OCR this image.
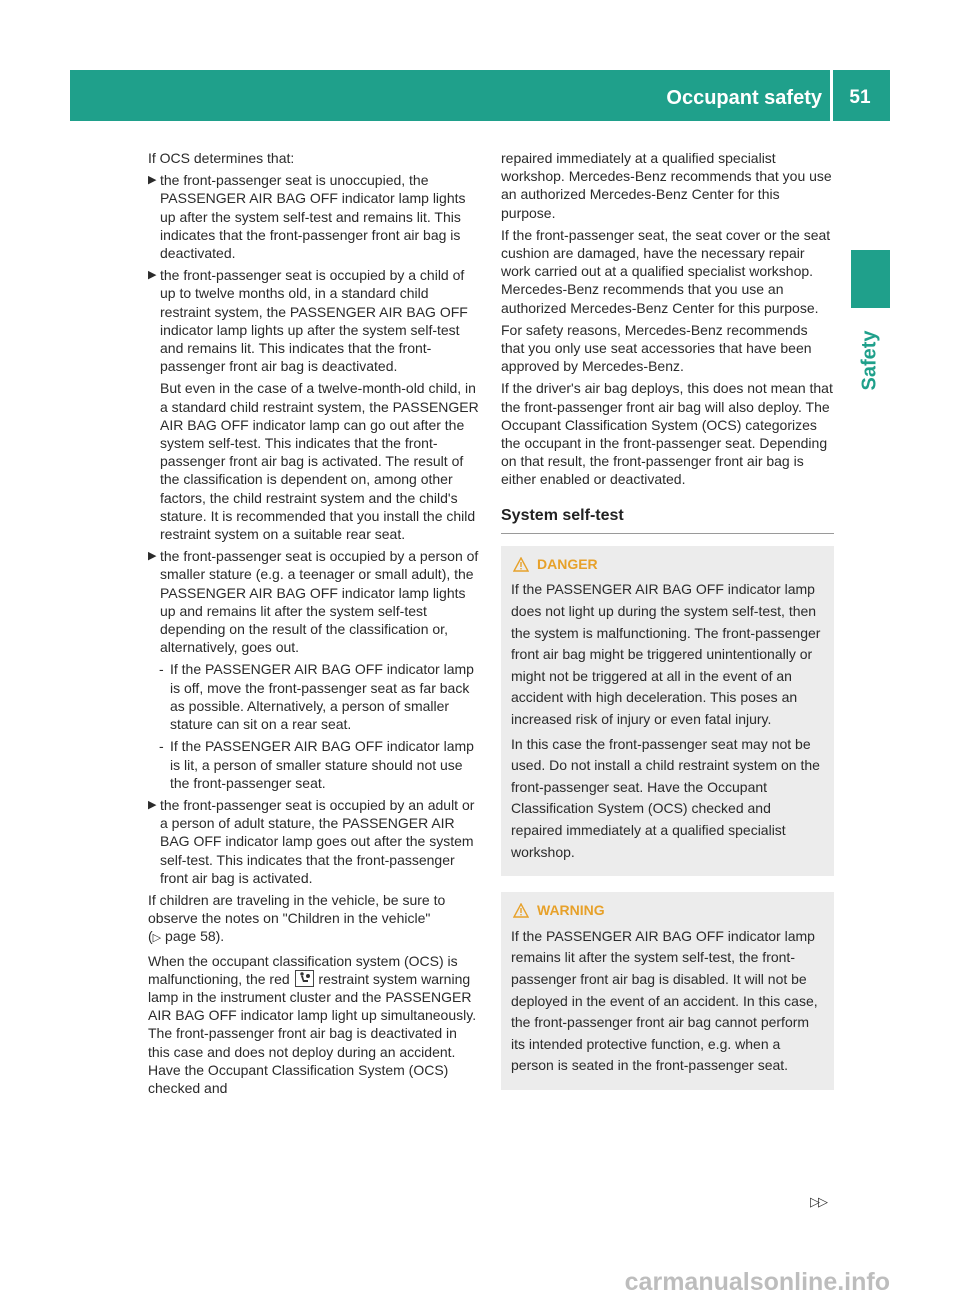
Occupant safety	51
Safety

If OCS determines that:

▶ the front-passenger seat is unoccupied, the PASSENGER AIR BAG OFF indicator lamp lights up after the system self-test and remains lit. This indicates that the front-passenger front air bag is deactivated.
▶ the front-passenger seat is occupied by a child of up to twelve months old, in a standard child restraint system, the PASSENGER AIR BAG OFF indicator lamp lights up after the system self-test and remains lit. This indicates that the front-passenger front air bag is deactivated.
But even in the case of a twelve-month-old child, in a standard child restraint system, the PASSENGER AIR BAG OFF indicator lamp can go out after the system self-test. This indicates that the front-passenger front air bag is activated. The result of the classification is dependent on, among other factors, the child restraint system and the child's stature. It is recommended that you install the child restraint system on a suitable rear seat.
▶ the front-passenger seat is occupied by a person of smaller stature (e.g. a teenager or small adult), the PASSENGER AIR BAG OFF indicator lamp lights up and remains lit after the system self-test depending on the result of the classification or, alternatively, goes out.
- If the PASSENGER AIR BAG OFF indicator lamp is off, move the front-passenger seat as far back as possible. Alternatively, a person of smaller stature can sit on a rear seat.
- If the PASSENGER AIR BAG OFF indicator lamp is lit, a person of smaller stature should not use the front-passenger seat.
▶ the front-passenger seat is occupied by an adult or a person of adult stature, the PASSENGER AIR BAG OFF indicator lamp goes out after the system self-test. This indicates that the front-passenger front air bag is activated.

If children are traveling in the vehicle, be sure to observe the notes on "Children in the vehicle" (▷ page 58).

When the occupant classification system (OCS) is malfunctioning, the red restraint system warning lamp in the instrument cluster and the PASSENGER AIR BAG OFF indicator lamp light up simultaneously. The front-passenger front air bag is deactivated in this case and does not deploy during an accident. Have the Occupant Classification System (OCS) checked and

repaired immediately at a qualified specialist workshop. Mercedes-Benz recommends that you use an authorized Mercedes-Benz Center for this purpose.

If the front-passenger seat, the seat cover or the seat cushion are damaged, have the necessary repair work carried out at a qualified specialist workshop. Mercedes-Benz recommends that you use an authorized Mercedes-Benz Center for this purpose.

For safety reasons, Mercedes-Benz recommends that you only use seat accessories that have been approved by Mercedes-Benz.

If the driver's air bag deploys, this does not mean that the front-passenger front air bag will also deploy. The Occupant Classification System (OCS) categorizes the occupant in the front-passenger seat. Depending on that result, the front-passenger front air bag is either enabled or deactivated.

System self-test
DANGER

If the PASSENGER AIR BAG OFF indicator lamp does not light up during the system self-test, then the system is malfunctioning. The front-passenger front air bag might be triggered unintentionally or might not be triggered at all in the event of an accident with high deceleration. This poses an increased risk of injury or even fatal injury.

In this case the front-passenger seat may not be used. Do not install a child restraint system on the front-passenger seat. Have the Occupant Classification System (OCS) checked and repaired immediately at a qualified specialist workshop.

WARNING

If the PASSENGER AIR BAG OFF indicator lamp remains lit after the system self-test, the front-passenger front air bag is disabled. It will not be deployed in the event of an accident. In this case, the front-passenger front air bag cannot perform its intended protective function, e.g. when a person is seated in the front-passenger seat.

▷▷
carmanualsonline.info
